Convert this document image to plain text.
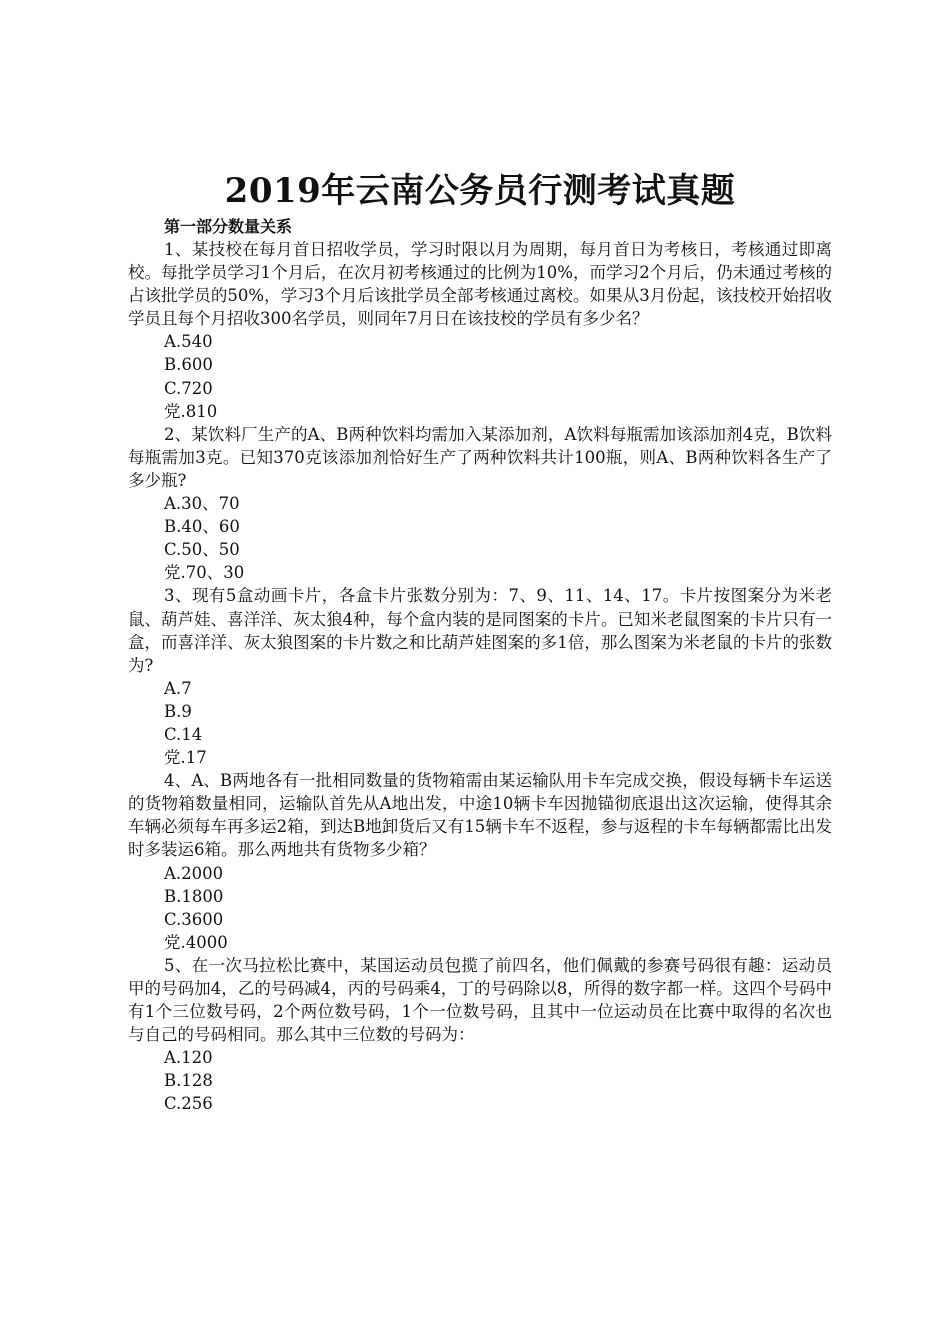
2019年云南公务员行测考试真题

第一部分数量关系

1、某技校在每月首日招收学员，学习时限以月为周期，每月首日为考核日，考核通过即离校。每批学员学习1个月后，在次月初考核通过的比例为10%，而学习2个月后，仍未通过考核的占该批学员的50%，学习3个月后该批学员全部考核通过离校。如果从3月份起，该技校开始招收学员且每个月招收300名学员，则同年7月日在该技校的学员有多少名？

A.540

B.600

C.720

党.810

2、某饮料厂生产的A、B两种饮料均需加入某添加剂，A饮料每瓶需加该添加剂4克，B饮料每瓶需加3克。已知370克该添加剂恰好生产了两种饮料共计100瓶，则A、B两种饮料各生产了多少瓶?

A.30、70

B.40、60

C.50、50

党.70、30

3、现有5盒动画卡片，各盒卡片张数分别为：7、9、11、14、17。卡片按图案分为米老鼠、葫芦娃、喜洋洋、灰太狼4种，每个盒内装的是同图案的卡片。已知米老鼠图案的卡片只有一盒，而喜洋洋、灰太狼图案的卡片数之和比葫芦娃图案的多1倍，那么图案为米老鼠的卡片的张数为?

A.7

B.9

C.14

党.17

4、A、B两地各有一批相同数量的货物箱需由某运输队用卡车完成交换，假设每辆卡车运送的货物箱数量相同，运输队首先从A地出发，中途10辆卡车因抛锚彻底退出这次运输，使得其余车辆必须每车再多运2箱，到达B地卸货后又有15辆卡车不返程，参与返程的卡车每辆都需比出发时多装运6箱。那么两地共有货物多少箱？

A.2000

B.1800

C.3600

党.4000

5、在一次马拉松比赛中，某国运动员包揽了前四名，他们佩戴的参赛号码很有趣：运动员甲的号码加4，乙的号码减4，丙的号码乘4，丁的号码除以8，所得的数字都一样。这四个号码中有1个三位数号码，2个两位数号码，1个一位数号码，且其中一位运动员在比赛中取得的名次也与自己的号码相同。那么其中三位数的号码为：

A.120

B.128

C.256
